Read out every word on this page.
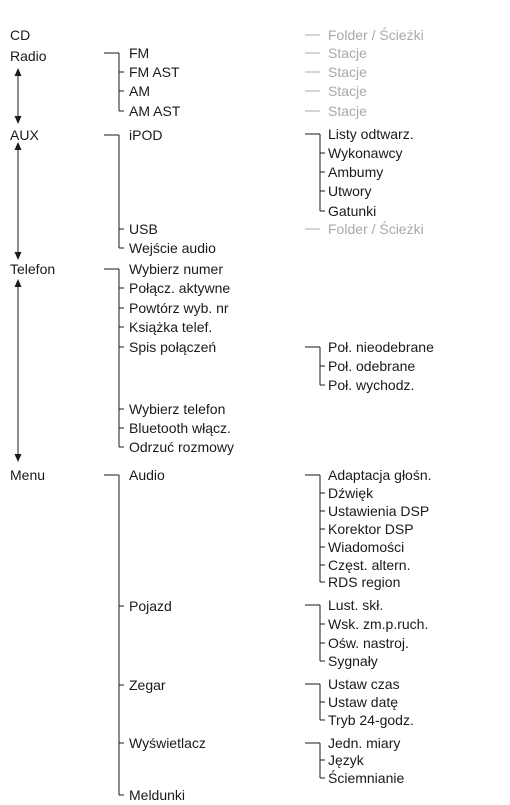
CD
Radio
AUX
Telefon
Menu
Folder / Ścieżki
FM
FM AST
AM
AM AST
Stacje
Stacje
Stacje
Stacje
iPOD	Listy odtwarz.
Wykonawcy
Ambumy
Utwory
Gatunki
USB	Folder / Ścieżki
Wejście audio
Wybierz numer
Połącz. aktywne
Powtórz wyb. nr
Książka telef.
Spis połączeń	Poł. nieodebrane
Poł. odebrane
Poł. wychodz.
Wybierz telefon
Bluetooth włącz.
Odrzuć rozmowy
Audio	Adaptacja głośn.
Dźwięk
Ustawienia DSP
Korektor DSP
Wiadomości
Częst. altern.
RDS region
Pojazd	Lust. skł.
Wsk. zm.p.ruch.
Ośw. nastroj.
Sygnały
Zegar	Ustaw czas
Ustaw datę
Tryb 24-godz.
Wyświetlacz	Jedn. miary
Język
Ściemnianie
Meldunki
